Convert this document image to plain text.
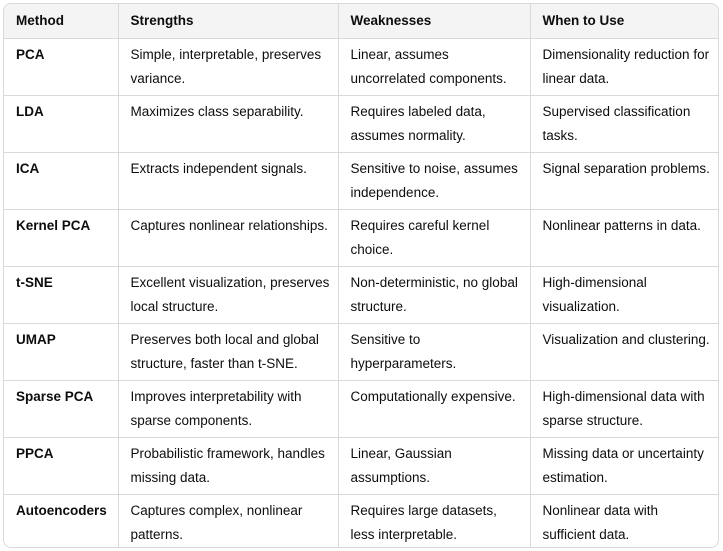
Method	Strengths	Weaknesses	When to Use
PCA	Simple, interpretable, preserves variance.	Linear, assumes uncorrelated components.	Dimensionality reduction for linear data.
LDA	Maximizes class separability.	Requires labeled data, assumes normality.	Supervised classification tasks.
ICA	Extracts independent signals.	Sensitive to noise, assumes independence.	Signal separation problems.
Kernel PCA	Captures nonlinear relationships.	Requires careful kernel choice.	Nonlinear patterns in data.
t-SNE	Excellent visualization, preserves local structure.	Non-deterministic, no global structure.	High-dimensional visualization.
UMAP	Preserves both local and global structure, faster than t-SNE.	Sensitive to hyperparameters.	Visualization and clustering.
Sparse PCA	Improves interpretability with sparse components.	Computationally expensive.	High-dimensional data with sparse structure.
PPCA	Probabilistic framework, handles missing data.	Linear, Gaussian assumptions.	Missing data or uncertainty estimation.
Autoencoders	Captures complex, nonlinear patterns.	Requires large datasets, less interpretable.	Nonlinear data with sufficient data.
